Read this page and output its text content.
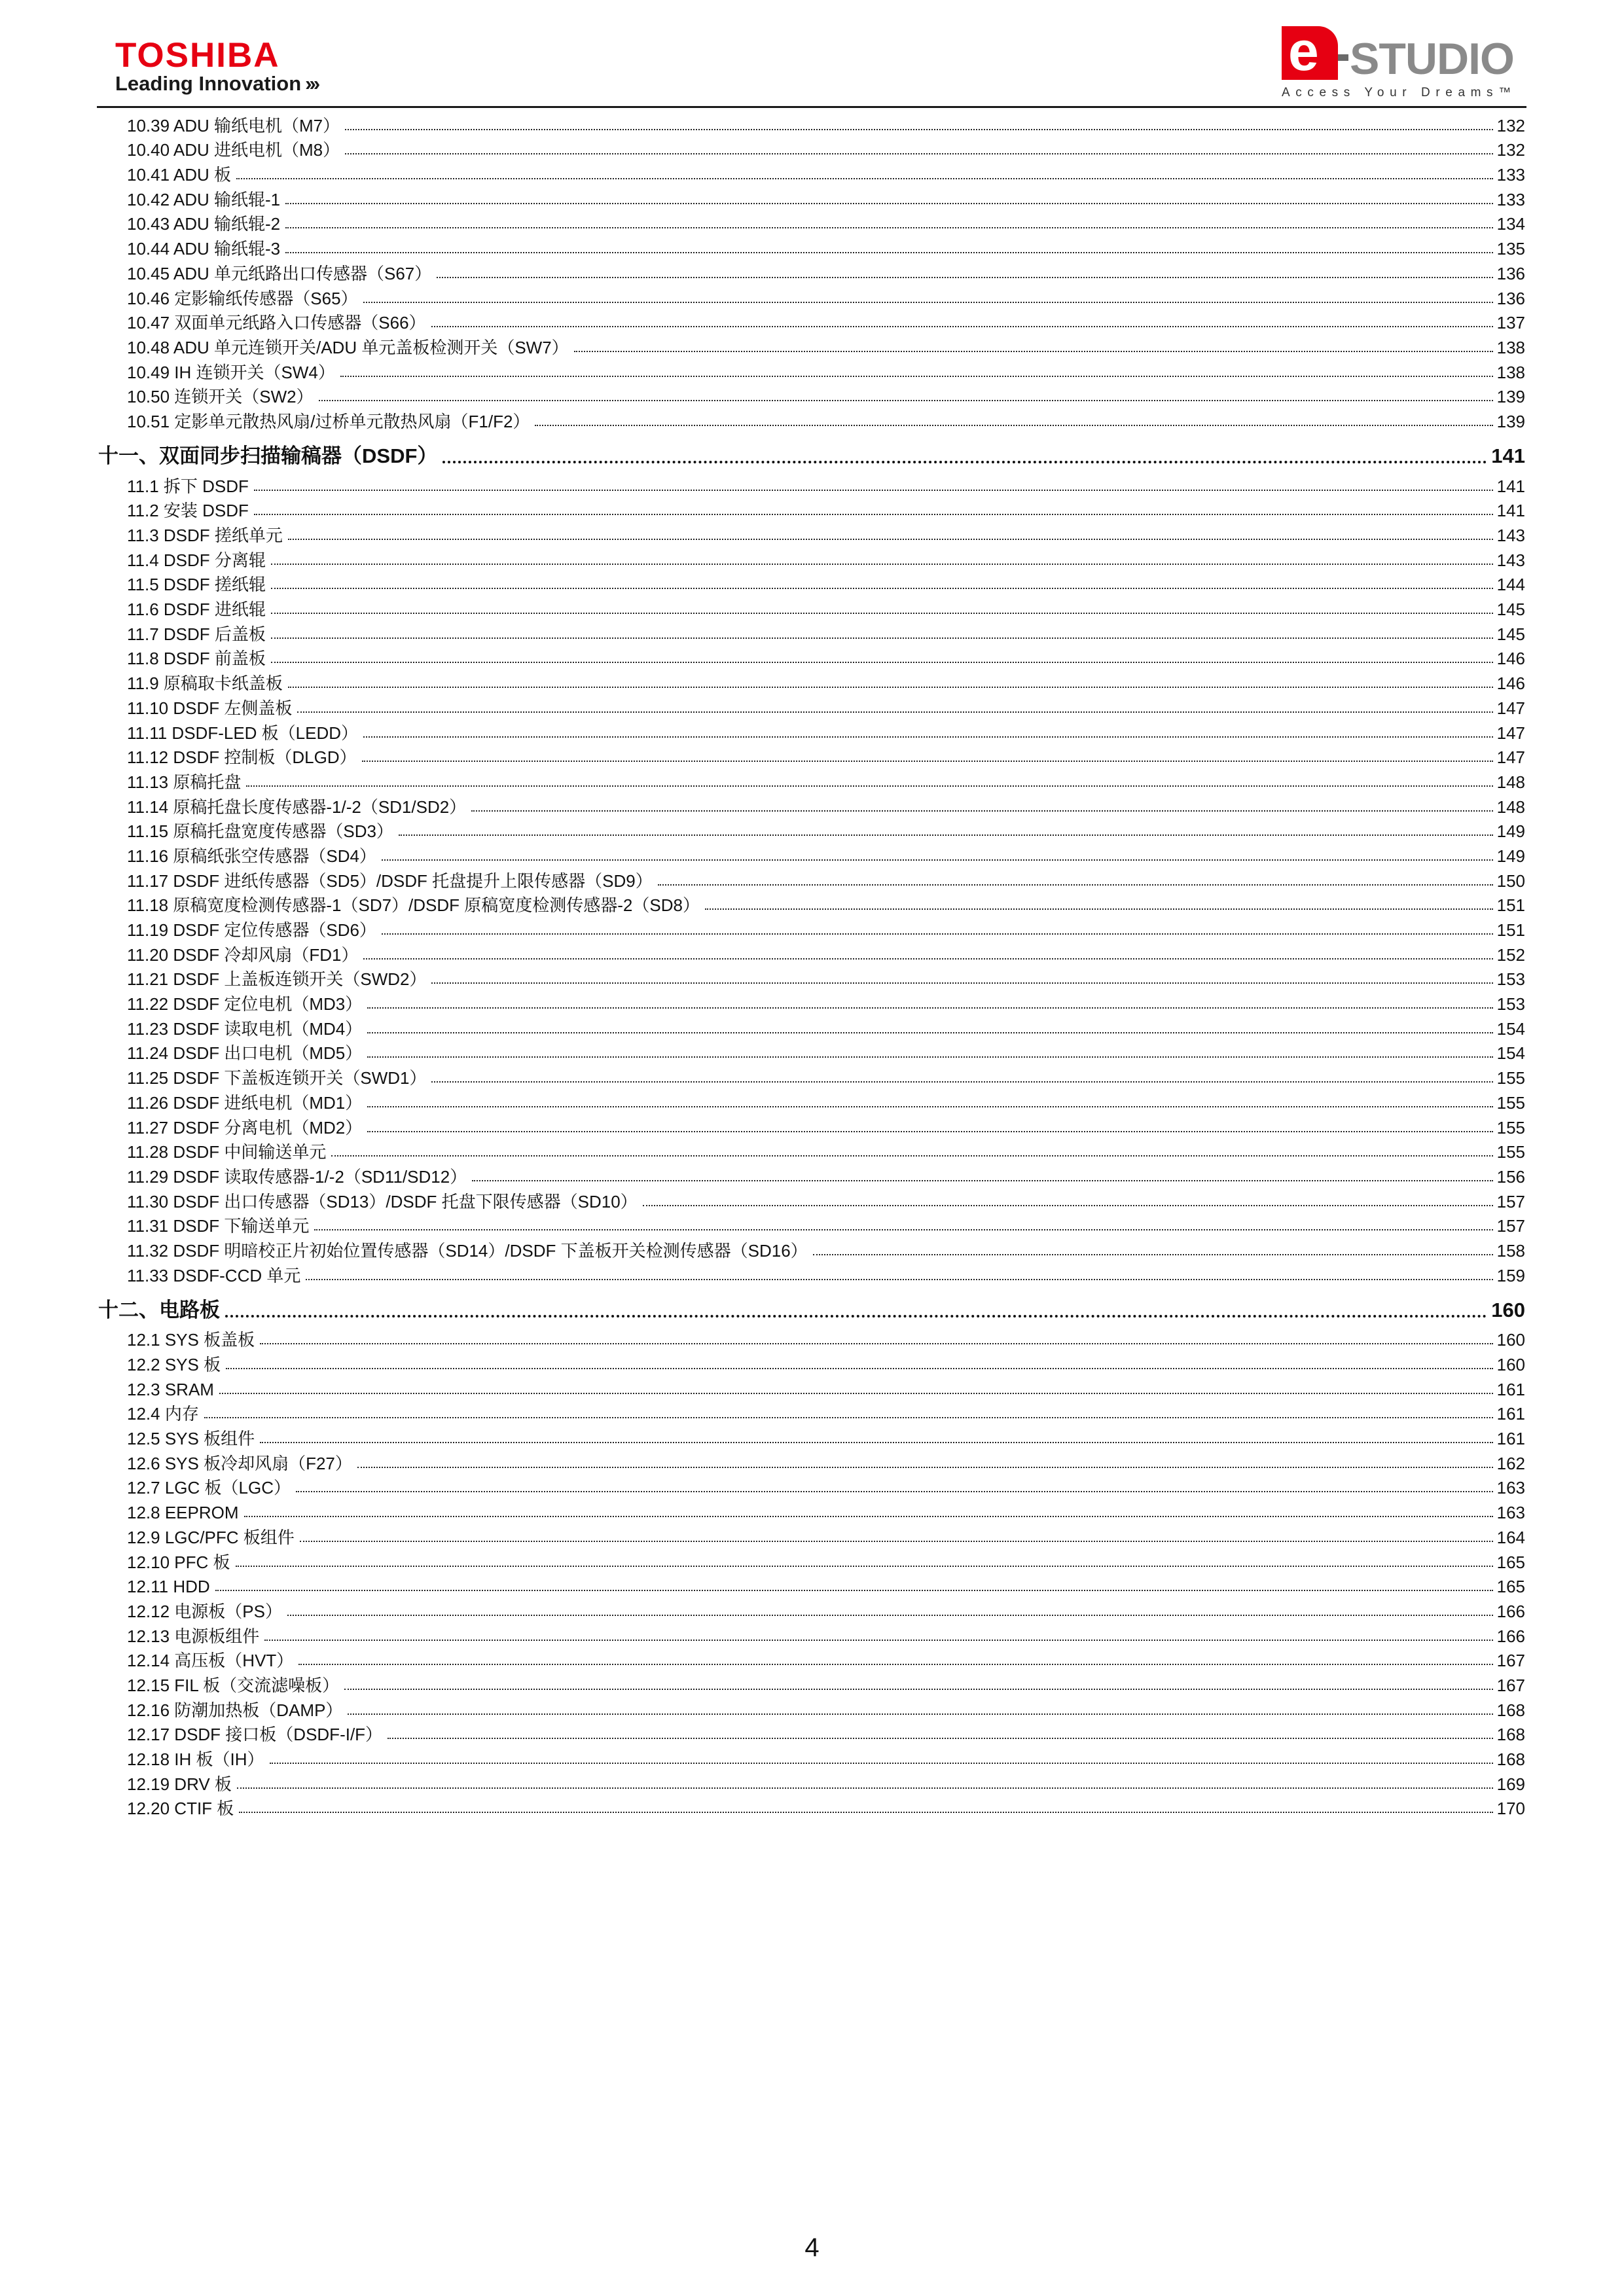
TOSHIBA
Leading Innovation ›››
e STUDIO
Access Your Dreams™
10.39 ADU 输纸电机（M7）	132
10.40 ADU 进纸电机（M8）	132
10.41 ADU 板	133
10.42 ADU 输纸辊-1	133
10.43 ADU 输纸辊-2	134
10.44 ADU 输纸辊-3	135
10.45 ADU 单元纸路出口传感器（S67）	136
10.46 定影输纸传感器（S65）	136
10.47 双面单元纸路入口传感器（S66）	137
10.48 ADU 单元连锁开关/ADU 单元盖板检测开关（SW7）	138
10.49 IH 连锁开关（SW4）	138
10.50 连锁开关（SW2）	139
10.51 定影单元散热风扇/过桥单元散热风扇（F1/F2）	139
十一、双面同步扫描输稿器（DSDF）	141
11.1 拆下 DSDF	141
11.2 安装 DSDF	141
11.3 DSDF 搓纸单元	143
11.4 DSDF 分离辊	143
11.5 DSDF 搓纸辊	144
11.6 DSDF 进纸辊	145
11.7 DSDF 后盖板	145
11.8 DSDF 前盖板	146
11.9 原稿取卡纸盖板	146
11.10 DSDF 左侧盖板	147
11.11 DSDF-LED 板（LEDD）	147
11.12 DSDF 控制板（DLGD）	147
11.13 原稿托盘	148
11.14 原稿托盘长度传感器-1/-2（SD1/SD2）	148
11.15 原稿托盘宽度传感器（SD3）	149
11.16 原稿纸张空传感器（SD4）	149
11.17 DSDF 进纸传感器（SD5）/DSDF 托盘提升上限传感器（SD9）	150
11.18 原稿宽度检测传感器-1（SD7）/DSDF 原稿宽度检测传感器-2（SD8）	151
11.19 DSDF 定位传感器（SD6）	151
11.20 DSDF 冷却风扇（FD1）	152
11.21 DSDF 上盖板连锁开关（SWD2）	153
11.22 DSDF 定位电机（MD3）	153
11.23 DSDF 读取电机（MD4）	154
11.24 DSDF 出口电机（MD5）	154
11.25 DSDF 下盖板连锁开关（SWD1）	155
11.26 DSDF 进纸电机（MD1）	155
11.27 DSDF 分离电机（MD2）	155
11.28 DSDF 中间输送单元	155
11.29 DSDF 读取传感器-1/-2（SD11/SD12）	156
11.30 DSDF 出口传感器（SD13）/DSDF 托盘下限传感器（SD10）	157
11.31 DSDF 下输送单元	157
11.32 DSDF 明暗校正片初始位置传感器（SD14）/DSDF 下盖板开关检测传感器（SD16）	158
11.33 DSDF-CCD 单元	159
十二、电路板	160
12.1 SYS 板盖板	160
12.2 SYS 板	160
12.3 SRAM	161
12.4 内存	161
12.5 SYS 板组件	161
12.6 SYS 板冷却风扇（F27）	162
12.7 LGC 板（LGC）	163
12.8 EEPROM	163
12.9 LGC/PFC 板组件	164
12.10 PFC 板	165
12.11 HDD	165
12.12 电源板（PS）	166
12.13 电源板组件	166
12.14 高压板（HVT）	167
12.15 FIL 板（交流滤噪板）	167
12.16 防潮加热板（DAMP）	168
12.17 DSDF 接口板（DSDF-I/F）	168
12.18 IH 板（IH）	168
12.19 DRV 板	169
12.20 CTIF 板	170
4
